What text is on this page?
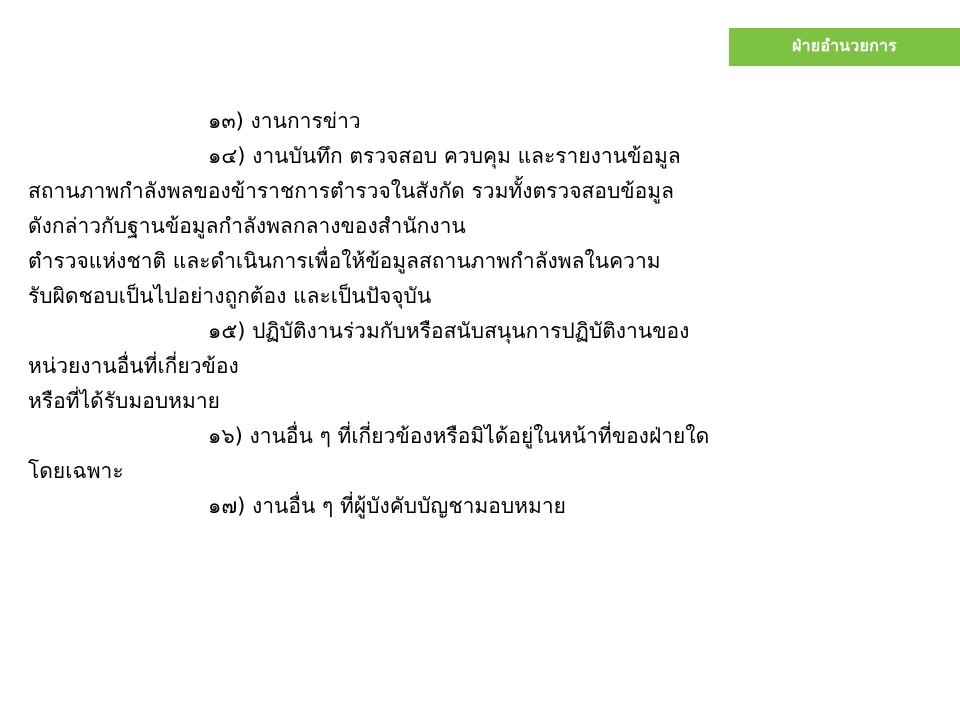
ฝ่ายอำนวยการ

๑๓) งานการข่าว

๑๔) งานบันทึก ตรวจสอบ ควบคุม และรายงานข้อมูล

สถานภาพกำลังพลของข้าราชการตำรวจในสังกัด รวมทั้งตรวจสอบข้อมูล

ดังกล่าวกับฐานข้อมูลกำลังพลกลางของสำนักงาน

ตำรวจแห่งชาติ และดำเนินการเพื่อให้ข้อมูลสถานภาพกำลังพลในความ

รับผิดชอบเป็นไปอย่างถูกต้อง และเป็นปัจจุบัน

๑๕) ปฏิบัติงานร่วมกับหรือสนับสนุนการปฏิบัติงานของ

หน่วยงานอื่นที่เกี่ยวข้อง

หรือที่ได้รับมอบหมาย

๑๖) งานอื่น ๆ ที่เกี่ยวข้องหรือมิได้อยู่ในหน้าที่ของฝ่ายใด

โดยเฉพาะ

๑๗) งานอื่น ๆ ที่ผู้บังคับบัญชามอบหมาย
